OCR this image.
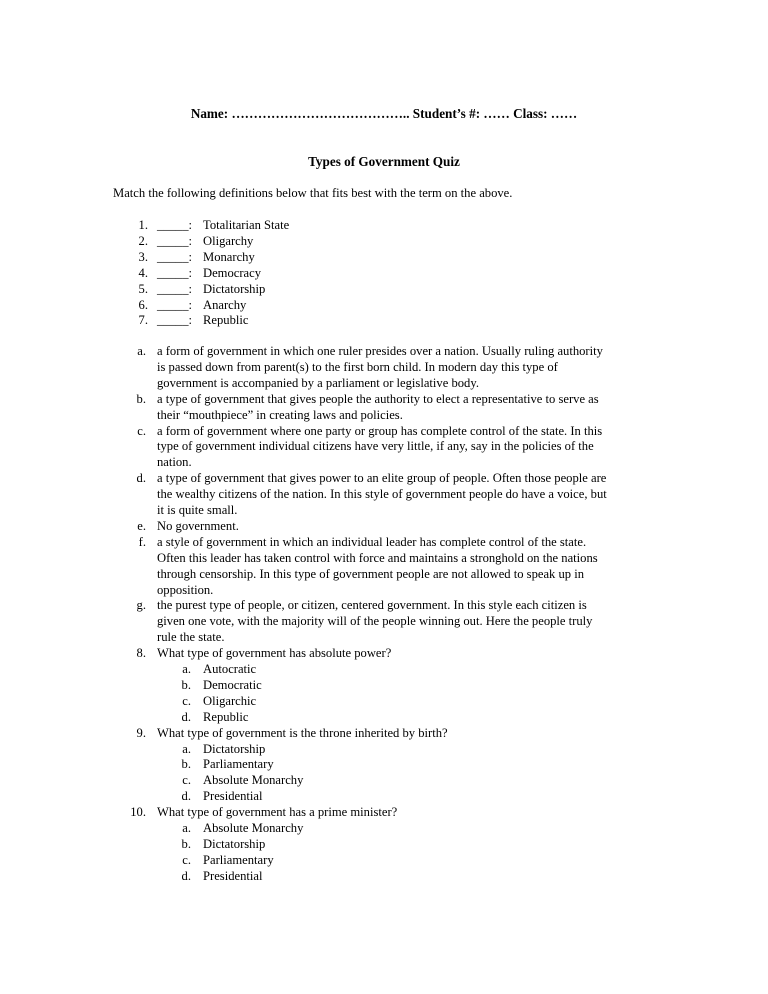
Name: ………………………………….. Student’s #: …… Class: ……
Types of Government Quiz
Match the following definitions below that fits best with the term on the above.
1. _____: Totalitarian State
2. _____: Oligarchy
3. _____: Monarchy
4. _____: Democracy
5. _____: Dictatorship
6. _____: Anarchy
7. _____: Republic
a. a form of government in which one ruler presides over a nation. Usually ruling authority
is passed down from parent(s) to the first born child. In modern day this type of
government is accompanied by a parliament or legislative body.
b. a type of government that gives people the authority to elect a representative to serve as
their “mouthpiece” in creating laws and policies.
c. a form of government where one party or group has complete control of the state. In this
type of government individual citizens have very little, if any, say in the policies of the
nation.
d. a type of government that gives power to an elite group of people. Often those people are
the wealthy citizens of the nation. In this style of government people do have a voice, but
it is quite small.
e. No government.
f. a style of government in which an individual leader has complete control of the state.
Often this leader has taken control with force and maintains a stronghold on the nations
through censorship. In this type of government people are not allowed to speak up in
opposition.
g. the purest type of people, or citizen, centered government. In this style each citizen is
given one vote, with the majority will of the people winning out. Here the people truly
rule the state.
8. What type of government has absolute power?
a. Autocratic
b. Democratic
c. Oligarchic
d. Republic
9. What type of government is the throne inherited by birth?
a. Dictatorship
b. Parliamentary
c. Absolute Monarchy
d. Presidential
10. What type of government has a prime minister?
a. Absolute Monarchy
b. Dictatorship
c. Parliamentary
d. Presidential
